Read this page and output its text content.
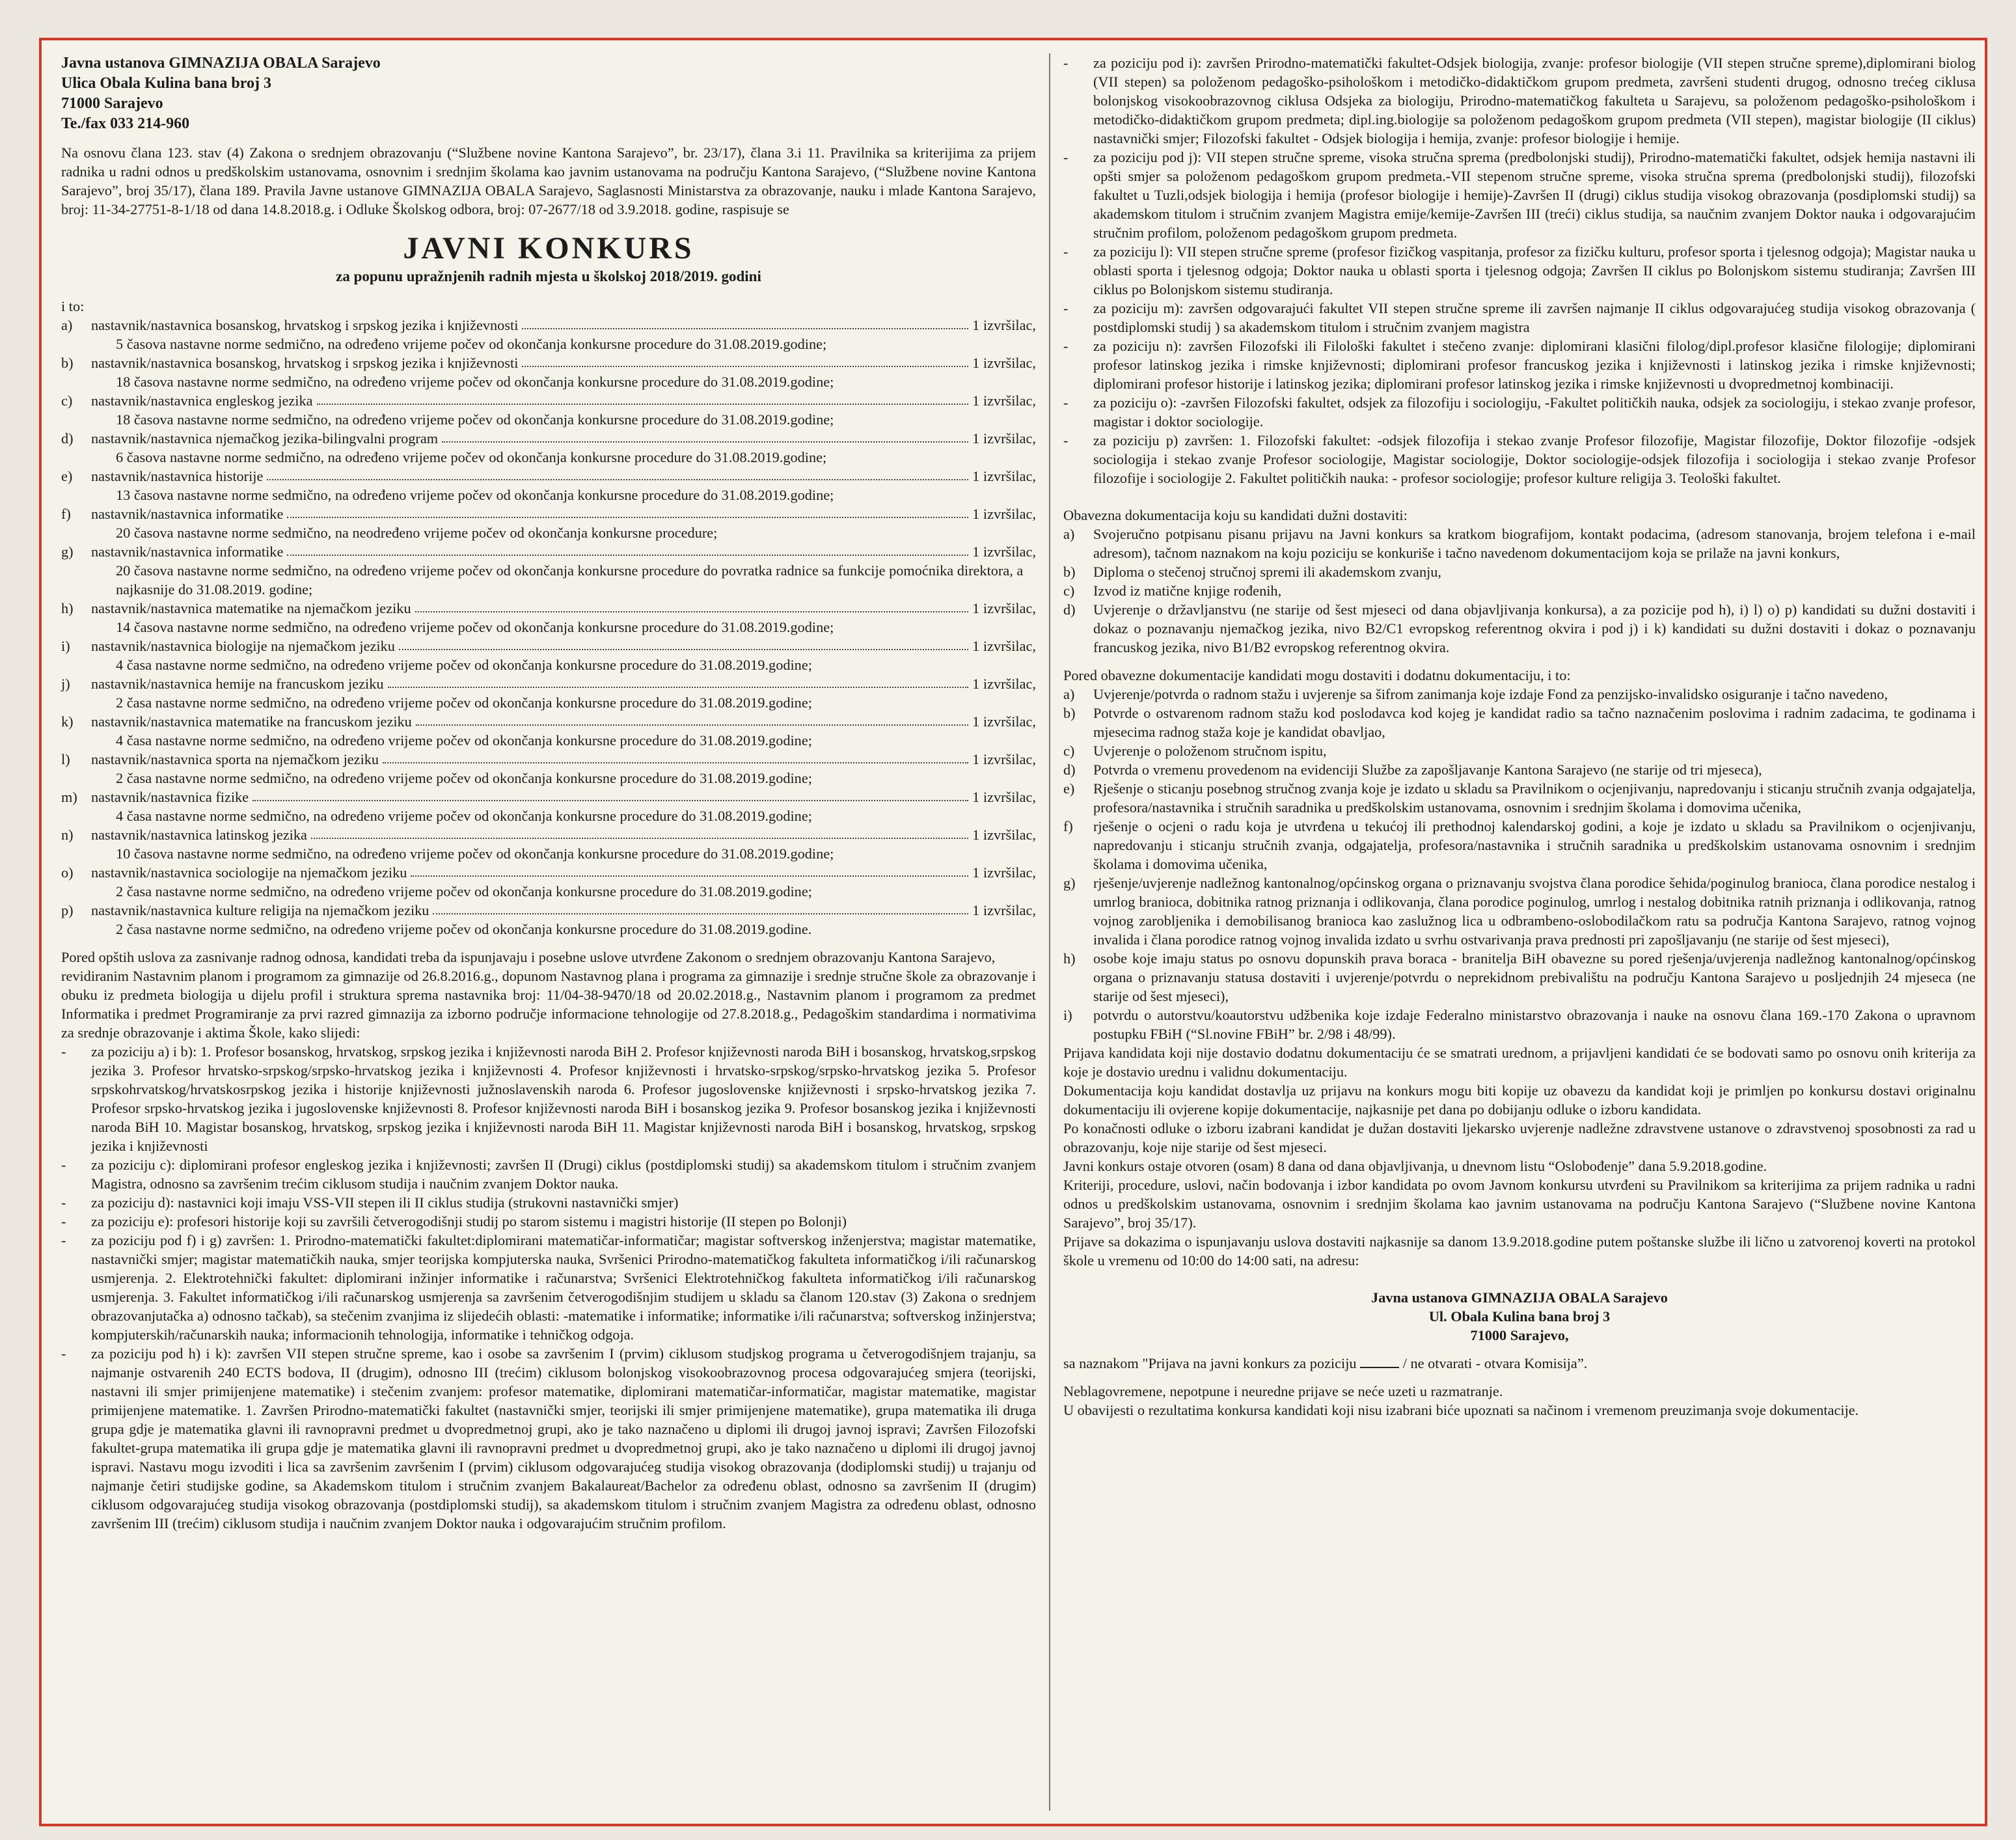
Javna ustanova GIMNAZIJA OBALA Sarajevo

Ulica Obala Kulina bana broj 3

71000 Sarajevo

Te./fax 033 214-960

Na osnovu člana 123. stav (4) Zakona o srednjem obrazovanju (“Službene novine Kantona Sarajevo”, br. 23/17), člana 3.i 11. Pravilnika sa kriterijima za prijem radnika u radni odnos u predškolskim ustanovama, osnovnim i srednjim školama kao javnim ustanovama na području Kantona Sarajevo, (“Službene novine Kantona Sarajevo”, broj 35/17), člana 189. Pravila Javne ustanove GIMNAZIJA OBALA Sarajevo, Saglasnosti Ministarstva za obrazovanje, nauku i mlade Kantona Sarajevo, broj: 11-34-27751-8-1/18 od dana 14.8.2018.g. i Odluke Školskog odbora, broj: 07-2677/18 od 3.9.2018. godine, raspisuje se

JAVNI KONKURS

za popunu upražnjenih radnih mjesta u školskoj 2018/2019. godini

i to:

a)	nastavnik/nastavnica bosanskog, hrvatskog i srpskog jezika i književnosti	1 izvršilac,
5 časova nastavne norme sedmično, na određeno vrijeme počev od okončanja konkursne procedure do 31.08.2019.godine;
b)	nastavnik/nastavnica bosanskog, hrvatskog i srpskog jezika i književnosti	1 izvršilac,
18 časova nastavne norme sedmično, na određeno vrijeme počev od okončanja konkursne procedure do 31.08.2019.godine;
c)	nastavnik/nastavnica engleskog jezika	1 izvršilac,
18 časova nastavne norme sedmično, na određeno vrijeme počev od okončanja konkursne procedure do 31.08.2019.godine;
d)	nastavnik/nastavnica njemačkog jezika-bilingvalni program	1 izvršilac,
6 časova nastavne norme sedmično, na određeno vrijeme počev od okončanja konkursne procedure do 31.08.2019.godine;
e)	nastavnik/nastavnica historije	1 izvršilac,
13 časova nastavne norme sedmično, na određeno vrijeme počev od okončanja konkursne procedure do 31.08.2019.godine;
f)	nastavnik/nastavnica informatike	1 izvršilac,
20 časova nastavne norme sedmično, na neodređeno vrijeme počev od okončanja konkursne procedure;
g)	nastavnik/nastavnica informatike	1 izvršilac,
20 časova nastavne norme sedmično, na određeno vrijeme počev od okončanja konkursne procedure do povratka radnice sa funkcije pomoćnika direktora, a najkasnije do 31.08.2019. godine;
h)	nastavnik/nastavnica matematike na njemačkom jeziku	1 izvršilac,
14 časova nastavne norme sedmično, na određeno vrijeme počev od okončanja konkursne procedure do 31.08.2019.godine;
i)	nastavnik/nastavnica biologije na njemačkom jeziku	1 izvršilac,
4 časa nastavne norme sedmično, na određeno vrijeme počev od okončanja konkursne procedure do 31.08.2019.godine;
j)	nastavnik/nastavnica hemije na francuskom jeziku	1 izvršilac,
2 časa nastavne norme sedmično, na određeno vrijeme počev od okončanja konkursne procedure do 31.08.2019.godine;
k)	nastavnik/nastavnica matematike na francuskom jeziku	1 izvršilac,
4 časa nastavne norme sedmično, na određeno vrijeme počev od okončanja konkursne procedure do 31.08.2019.godine;
l)	nastavnik/nastavnica sporta na njemačkom jeziku	1 izvršilac,
2 časa nastavne norme sedmično, na određeno vrijeme počev od okončanja konkursne procedure do 31.08.2019.godine;
m) nastavnik/nastavnica fizike	1 izvršilac,
4 časa nastavne norme sedmično, na određeno vrijeme počev od okončanja konkursne procedure do 31.08.2019.godine;
n)	nastavnik/nastavnica latinskog jezika	1 izvršilac,
10 časova nastavne norme sedmično, na određeno vrijeme počev od okončanja konkursne procedure do 31.08.2019.godine;
o)	nastavnik/nastavnica sociologije na njemačkom jeziku	1 izvršilac,
2 časa nastavne norme sedmično, na određeno vrijeme počev od okončanja konkursne procedure do 31.08.2019.godine;
p)	nastavnik/nastavnica kulture religija na njemačkom jeziku	1 izvršilac,
2 časa nastavne norme sedmično, na određeno vrijeme počev od okončanja konkursne procedure do 31.08.2019.godine.

Pored opštih uslova za zasnivanje radnog odnosa, kandidati treba da ispunjavaju i posebne uslove utvrđene Zakonom o srednjem obrazovanju Kantona Sarajevo,

revidiranim Nastavnim planom i programom za gimnazije od 26.8.2016.g., dopunom Nastavnog plana i programa za gimnazije i srednje stručne škole za obrazovanje i obuku iz predmeta biologija u dijelu profil i struktura sprema nastavnika broj: 11/04-38-9470/18 od 20.02.2018.g., Nastavnim planom i programom za predmet Informatika i predmet Programiranje za prvi razred gimnazija za izborno područje informacione tehnologije od 27.8.2018.g., Pedagoškim standardima i normativima za srednje obrazovanje i aktima Škole, kako slijedi:

-	za poziciju a) i b): 1. Profesor bosanskog, hrvatskog, srpskog jezika i književnosti naroda BiH 2. Profesor književnosti naroda BiH i bosanskog, hrvatskog,srpskog jezika 3. Profesor hrvatsko-srpskog/srpsko-hrvatskog jezika i književnosti 4. Profesor književnosti i hrvatsko-srpskog/srpsko-hrvatskog jezika 5. Profesor srpskohrvatskog/hrvatskosrpskog jezika i historije književnosti južnoslavenskih naroda 6. Profesor jugoslovenske književnosti i srpsko-hrvatskog jezika 7. Profesor srpsko-hrvatskog jezika i jugoslovenske književnosti 8. Profesor književnosti naroda BiH i bosanskog jezika 9. Profesor bosanskog jezika i književnosti naroda BiH 10. Magistar bosanskog, hrvatskog, srpskog jezika i književnosti naroda BiH 11. Magistar književnosti naroda BiH i bosanskog, hrvatskog, srpskog jezika i književnosti
-	za poziciju c): diplomirani profesor engleskog jezika i književnosti; završen II (Drugi) ciklus (postdiplomski studij) sa akademskom titulom i stručnim zvanjem Magistra, odnosno sa završenim trećim ciklusom studija i naučnim zvanjem Doktor nauka.
-	za poziciju d): nastavnici koji imaju VSS-VII stepen ili II ciklus studija (strukovni nastavnički smjer)
-	za poziciju e): profesori historije koji su završili četverogodišnji studij po starom sistemu i magistri historije (II stepen po Bolonji)
-	za poziciju pod f) i g) završen: 1. Prirodno-matematički fakultet:diplomirani matematičar-informatičar; magistar softverskog inženjerstva; magistar matematike, nastavnički smjer; magistar matematičkih nauka, smjer teorijska kompjuterska nauka, Svršenici Prirodno-matematičkog fakulteta informatičkog i/ili računarskog usmjerenja. 2. Elektrotehnički fakultet: diplomirani inžinjer informatike i računarstva; Svršenici Elektrotehničkog fakulteta informatičkog i/ili računarskog usmjerenja. 3. Fakultet informatičkog i/ili računarskog usmjerenja sa završenim četverogodišnjim studijem u skladu sa članom 120.stav (3) Zakona o srednjem obrazovanjutačka a) odnosno tačkab), sa stečenim zvanjima iz slijedećih oblasti: -matematike i informatike; informatike i/ili računarstva; softverskog inžinjerstva; kompjuterskih/računarskih nauka; informacionih tehnologija, informatike i tehničkog odgoja.
-	za poziciju pod h) i k): završen VII stepen stručne spreme, kao i osobe sa završenim I (prvim) ciklusom studjskog programa u četverogodišnjem trajanju, sa najmanje ostvarenih 240 ECTS bodova, II (drugim), odnosno III (trećim) ciklusom bolonjskog visokoobrazovnog procesa odgovarajućeg smjera (teorijski, nastavni ili smjer primijenjene matematike) i stečenim zvanjem: profesor matematike, diplomirani matematičar-informatičar, magistar matematike, magistar primijenjene matematike. 1. Završen Prirodno-matematički fakultet (nastavnički smjer, teorijski ili smjer primijenjene matematike), grupa matematika ili druga grupa gdje je matematika glavni ili ravnopravni predmet u dvopredmetnoj grupi, ako je tako naznačeno u diplomi ili drugoj javnoj ispravi; Završen Filozofski fakultet-grupa matematika ili grupa gdje je matematika glavni ili ravnopravni predmet u dvopredmetnoj grupi, ako je tako naznačeno u diplomi ili drugoj javnoj ispravi. Nastavu mogu izvoditi i lica sa završenim završenim I (prvim) ciklusom odgovarajućeg studija visokog obrazovanja (dodiplomski studij) u trajanju od najmanje četiri studijske godine, sa Akademskom titulom i stručnim zvanjem Bakalaureat/Bachelor za određenu oblast, odnosno sa završenim II (drugim) ciklusom odgovarajućeg studija visokog obrazovanja (postdiplomski studij), sa akademskom titulom i stručnim zvanjem Magistra za određenu oblast, odnosno završenim III (trećim) ciklusom studija i naučnim zvanjem Doktor nauka i odgovarajućim stručnim profilom.
-	za poziciju pod i): završen Prirodno-matematički fakultet-Odsjek biologija, zvanje: profesor biologije (VII stepen stručne spreme),diplomirani biolog (VII stepen) sa položenom pedagoško-psihološkom i metodičko-didaktičkom grupom predmeta, završeni studenti drugog, odnosno trećeg ciklusa bolonjskog visokoobrazovnog ciklusa Odsjeka za biologiju, Prirodno-matematičkog fakulteta u Sarajevu, sa položenom pedagoško-psihološkom i metodičko-didaktičkom grupom predmeta; dipl.ing.biologije sa položenom pedagoškom grupom predmeta (VII stepen), magistar biologije (II ciklus) nastavnički smjer; Filozofski fakultet - Odsjek biologija i hemija, zvanje: profesor biologije i hemije.
-	za poziciju pod j): VII stepen stručne spreme, visoka stručna sprema (predbolonjski studij), Prirodno-matematički fakultet, odsjek hemija nastavni ili opšti smjer sa položenom pedagoškom grupom predmeta.-VII stepenom stručne spreme, visoka stručna sprema (predbolonjski studij), filozofski fakultet u Tuzli,odsjek biologija i hemija (profesor biologije i hemije)-Završen II (drugi) ciklus studija visokog obrazovanja (posdiplomski studij) sa akademskom titulom i stručnim zvanjem Magistra emije/kemije-Završen III (treći) ciklus studija, sa naučnim zvanjem Doktor nauka i odgovarajućim stručnim profilom, položenom pedagoškom grupom predmeta.
-	za poziciju l): VII stepen stručne spreme (profesor fizičkog vaspitanja, profesor za fizičku kulturu, profesor sporta i tjelesnog odgoja); Magistar nauka u oblasti sporta i tjelesnog odgoja; Doktor nauka u oblasti sporta i tjelesnog odgoja; Završen II ciklus po Bolonjskom sistemu studiranja; Završen III ciklus po Bolonjskom sistemu studiranja.
-	za poziciju m): završen odgovarajući fakultet VII stepen stručne spreme ili završen najmanje II ciklus odgovarajućeg studija visokog obrazovanja ( postdiplomski studij ) sa akademskom titulom i stručnim zvanjem magistra
-	za poziciju n): završen Filozofski ili Filološki fakultet i stečeno zvanje: diplomirani klasični filolog/dipl.profesor klasične filologije; diplomirani profesor latinskog jezika i rimske književnosti; diplomirani profesor francuskog jezika i književnosti i latinskog jezika i rimske književnosti; diplomirani profesor historije i latinskog jezika; diplomirani profesor latinskog jezika i rimske književnosti u dvopredmetnoj kombinaciji.
-	za poziciju o): -završen Filozofski fakultet, odsjek za filozofiju i sociologiju, -Fakultet političkih nauka, odsjek za sociologiju, i stekao zvanje profesor, magistar i doktor sociologije.
-	za poziciju p) završen: 1. Filozofski fakultet: -odsjek filozofija i stekao zvanje Profesor filozofije, Magistar filozofije, Doktor filozofije -odsjek sociologija i stekao zvanje Profesor sociologije, Magistar sociologije, Doktor sociologije-odsjek filozofija i sociologija i stekao zvanje Profesor filozofije i sociologije 2. Fakultet političkih nauka: - profesor sociologije; profesor kulture religija 3. Teološki fakultet.

Obavezna dokumentacija koju su kandidati dužni dostaviti:

a)	Svojeručno potpisanu pisanu prijavu na Javni konkurs sa kratkom biografijom, kontakt podacima, (adresom stanovanja, brojem telefona i e-mail adresom), tačnom naznakom na koju poziciju se konkuriše i tačno navedenom dokumentacijom koja se prilaže na javni konkurs,
b)	Diploma o stečenoj stručnoj spremi ili akademskom zvanju,
c)	Izvod iz matične knjige rođenih,
d)	Uvjerenje o državljanstvu (ne starije od šest mjeseci od dana objavljivanja konkursa), a za pozicije pod h), i) l) o) p) kandidati su dužni dostaviti i dokaz o poznavanju njemačkog jezika, nivo B2/C1 evropskog referentnog okvira i pod j) i k) kandidati su dužni dostaviti i dokaz o poznavanju francuskog jezika, nivo B1/B2 evropskog referentnog okvira.

Pored obavezne dokumentacije kandidati mogu dostaviti i dodatnu dokumentaciju, i to:

a)	Uvjerenje/potvrda o radnom stažu i uvjerenje sa šifrom zanimanja koje izdaje Fond za penzijsko-invalidsko osiguranje i tačno navedeno,
b)	Potvrde o ostvarenom radnom stažu kod poslodavca kod kojeg je kandidat radio sa tačno naznačenim poslovima i radnim zadacima, te godinama i mjesecima radnog staža koje je kandidat obavljao,
c)	Uvjerenje o položenom stručnom ispitu,
d)	Potvrda o vremenu provedenom na evidenciji Službe za zapošljavanje Kantona Sarajevo (ne starije od tri mjeseca),
e)	Rješenje o sticanju posebnog stručnog zvanja koje je izdato u skladu sa Pravilnikom o ocjenjivanju, napredovanju i sticanju stručnih zvanja odgajatelja, profesora/nastavnika i stručnih saradnika u predškolskim ustanovama, osnovnim i srednjim školama i domovima učenika,
f)	rješenje o ocjeni o radu koja je utvrđena u tekućoj ili prethodnoj kalendarskoj godini, a koje je izdato u skladu sa Pravilnikom o ocjenjivanju, napredovanju i sticanju stručnih zvanja, odgajatelja, profesora/nastavnika i stručnih saradnika u predškolskim ustanovama osnovnim i srednjim školama i domovima učenika,
g)	rješenje/uvjerenje nadležnog kantonalnog/općinskog organa o priznavanju svojstva člana porodice šehida/poginulog branioca, člana porodice nestalog i umrlog branioca, dobitnika ratnog priznanja i odlikovanja, člana porodice poginulog, umrlog i nestalog dobitnika ratnih priznanja i odlikovanja, ratnog vojnog zarobljenika i demobilisanog branioca kao zaslužnog lica u odbrambeno-oslobodilačkom ratu sa područja Kantona Sarajevo, ratnog vojnog invalida i člana porodice ratnog vojnog invalida izdato u svrhu ostvarivanja prava prednosti pri zapošljavanju (ne starije od šest mjeseci),
h)	osobe koje imaju status po osnovu dopunskih prava boraca - branitelja BiH obavezne su pored rješenja/uvjerenja nadležnog kantonalnog/općinskog organa o priznavanju statusa dostaviti i uvjerenje/potvrdu o neprekidnom prebivalištu na području Kantona Sarajevo u posljednjih 24 mjeseca (ne starije od šest mjeseci),
i)	potvrdu o autorstvu/koautorstvu udžbenika koje izdaje Federalno ministarstvo obrazovanja i nauke na osnovu člana 169.-170 Zakona o upravnom postupku FBiH (“Sl.novine FBiH” br. 2/98 i 48/99).

Prijava kandidata koji nije dostavio dodatnu dokumentaciju će se smatrati urednom, a prijavljeni kandidati će se bodovati samo po osnovu onih kriterija za koje je dostavio urednu i validnu dokumentaciju.

Dokumentacija koju kandidat dostavlja uz prijavu na konkurs mogu biti kopije uz obavezu da kandidat koji je primljen po konkursu dostavi originalnu dokumentaciju ili ovjerene kopije dokumentacije, najkasnije pet dana po dobijanju odluke o izboru kandidata.

Po konačnosti odluke o izboru izabrani kandidat je dužan dostaviti ljekarsko uvjerenje nadležne zdravstvene ustanove o zdravstvenoj sposobnosti za rad u obrazovanju, koje nije starije od šest mjeseci.

Javni konkurs ostaje otvoren (osam) 8 dana od dana objavljivanja, u dnevnom listu “Oslobođenje” dana 5.9.2018.godine.

Kriteriji, procedure, uslovi, način bodovanja i izbor kandidata po ovom Javnom konkursu utvrđeni su Pravilnikom sa kriterijima za prijem radnika u radni odnos u predškolskim ustanovama, osnovnim i srednjim školama kao javnim ustanovama na području Kantona Sarajevo (“Službene novine Kantona Sarajevo”, broj 35/17).

Prijave sa dokazima o ispunjavanju uslova dostaviti najkasnije sa danom 13.9.2018.godine putem poštanske službe ili lično u zatvorenoj koverti na protokol škole u vremenu od 10:00 do 14:00 sati, na adresu:

Javna ustanova GIMNAZIJA OBALA Sarajevo

Ul. Obala Kulina bana broj 3

71000 Sarajevo,

sa naznakom "Prijava na javni konkurs za poziciju	/ ne otvarati - otvara Komisija”.

Neblagovremene, nepotpune i neuredne prijave se neće uzeti u razmatranje.

U obavijesti o rezultatima konkursa kandidati koji nisu izabrani biće upoznati sa načinom i vremenom preuzimanja svoje dokumentacije.
